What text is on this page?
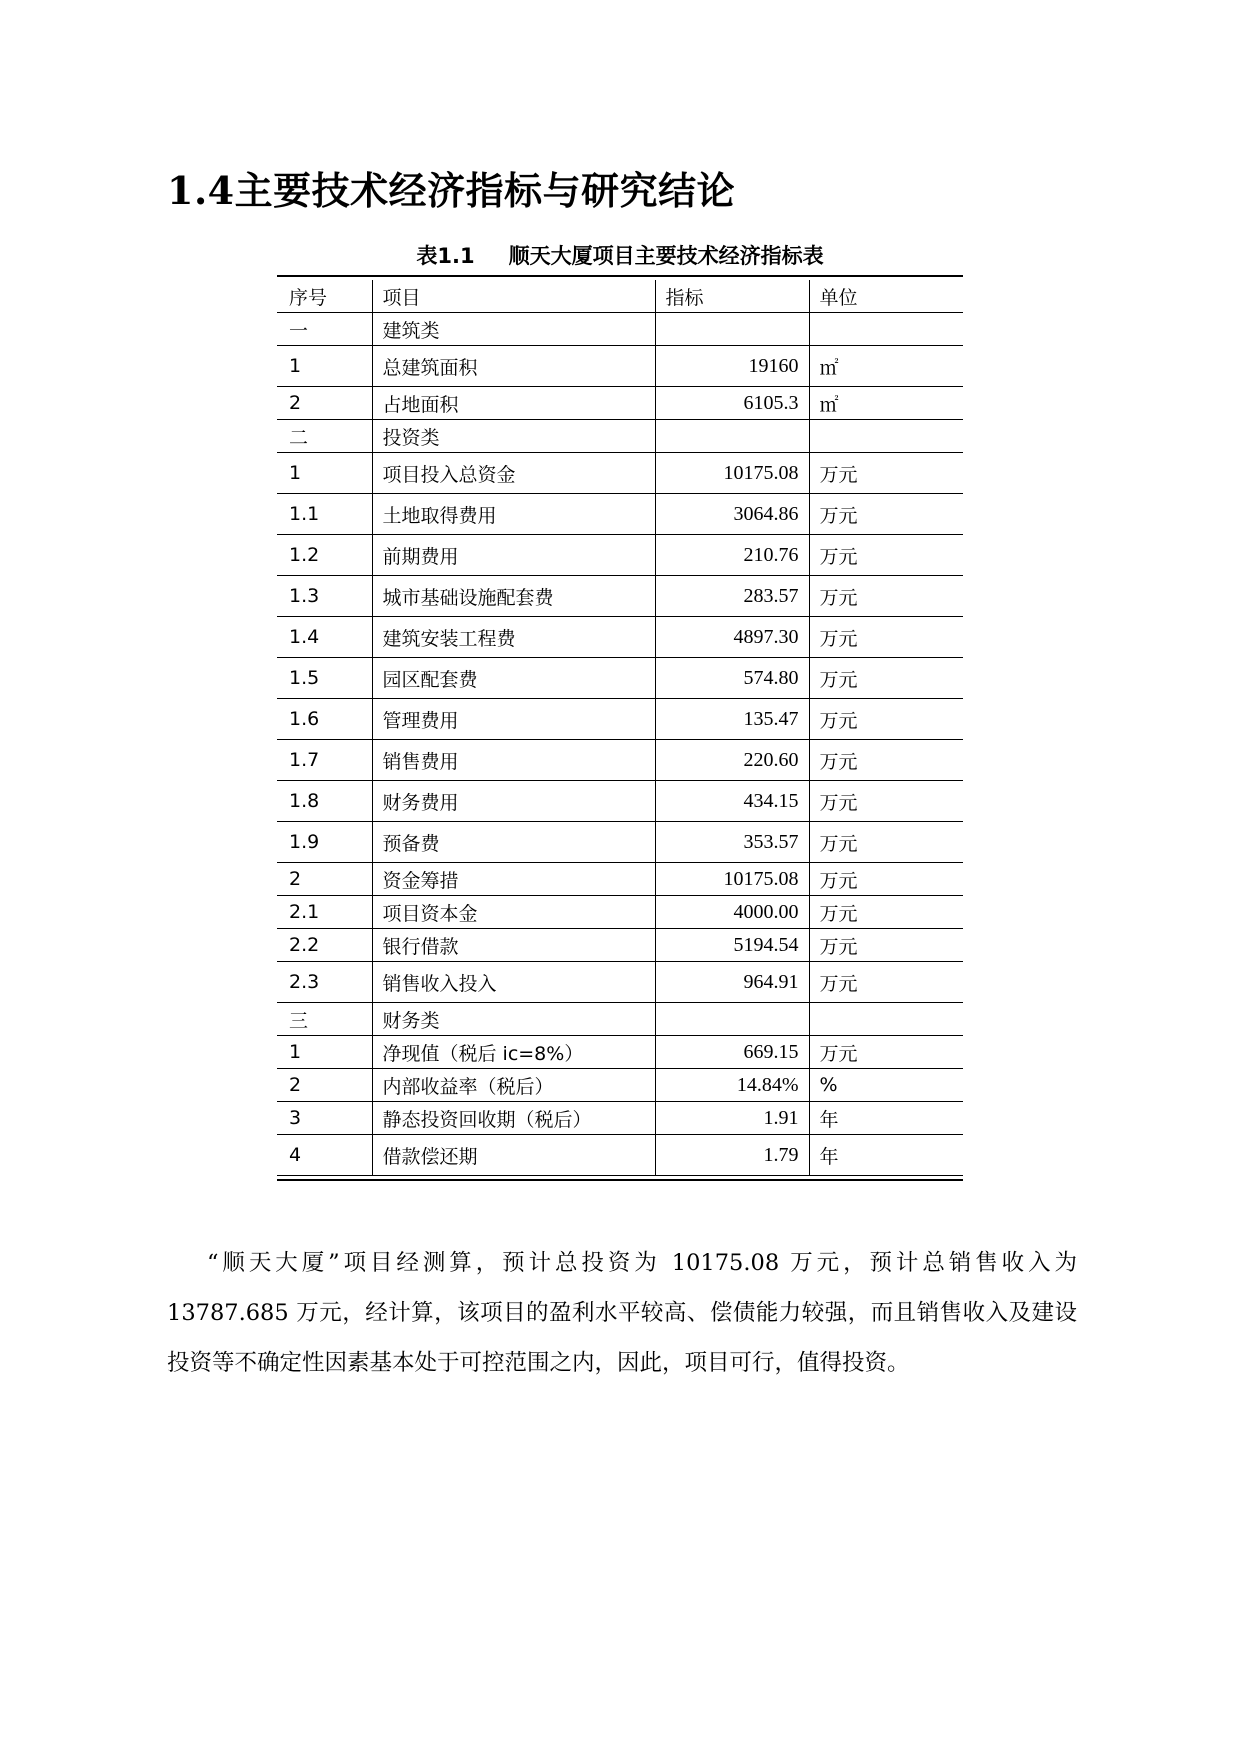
1.4主要技术经济指标与研究结论
表1.1 顺天大厦项目主要技术经济指标表
序号	项目	指标	单位
一	建筑类		
1	总建筑面积	19160	㎡
2	占地面积	6105.3	㎡
二	投资类		
1	项目投入总资金	10175.08	万元
1.1	土地取得费用	3064.86	万元
1.2	前期费用	210.76	万元
1.3	城市基础设施配套费	283.57	万元
1.4	建筑安装工程费	4897.30	万元
1.5	园区配套费	574.80	万元
1.6	管理费用	135.47	万元
1.7	销售费用	220.60	万元
1.8	财务费用	434.15	万元
1.9	预备费	353.57	万元
2	资金筹措	10175.08	万元
2.1	项目资本金	4000.00	万元
2.2	银行借款	5194.54	万元
2.3	销售收入投入	964.91	万元
三	财务类		
1	净现值（税后 ic=8%）	669.15	万元
2	内部收益率（税后）	14.84%	%
3	静态投资回收期（税后）	1.91	年
4	借款偿还期	1.79	年
“顺天大厦”项目经测算，预计总投资为 10175.08 万元，预计总销售收入为 13787.685 万元，经计算，该项目的盈利水平较高、偿债能力较强，而且销售收入及建设投资等不确定性因素基本处于可控范围之内，因此，项目可行，值得投资。
